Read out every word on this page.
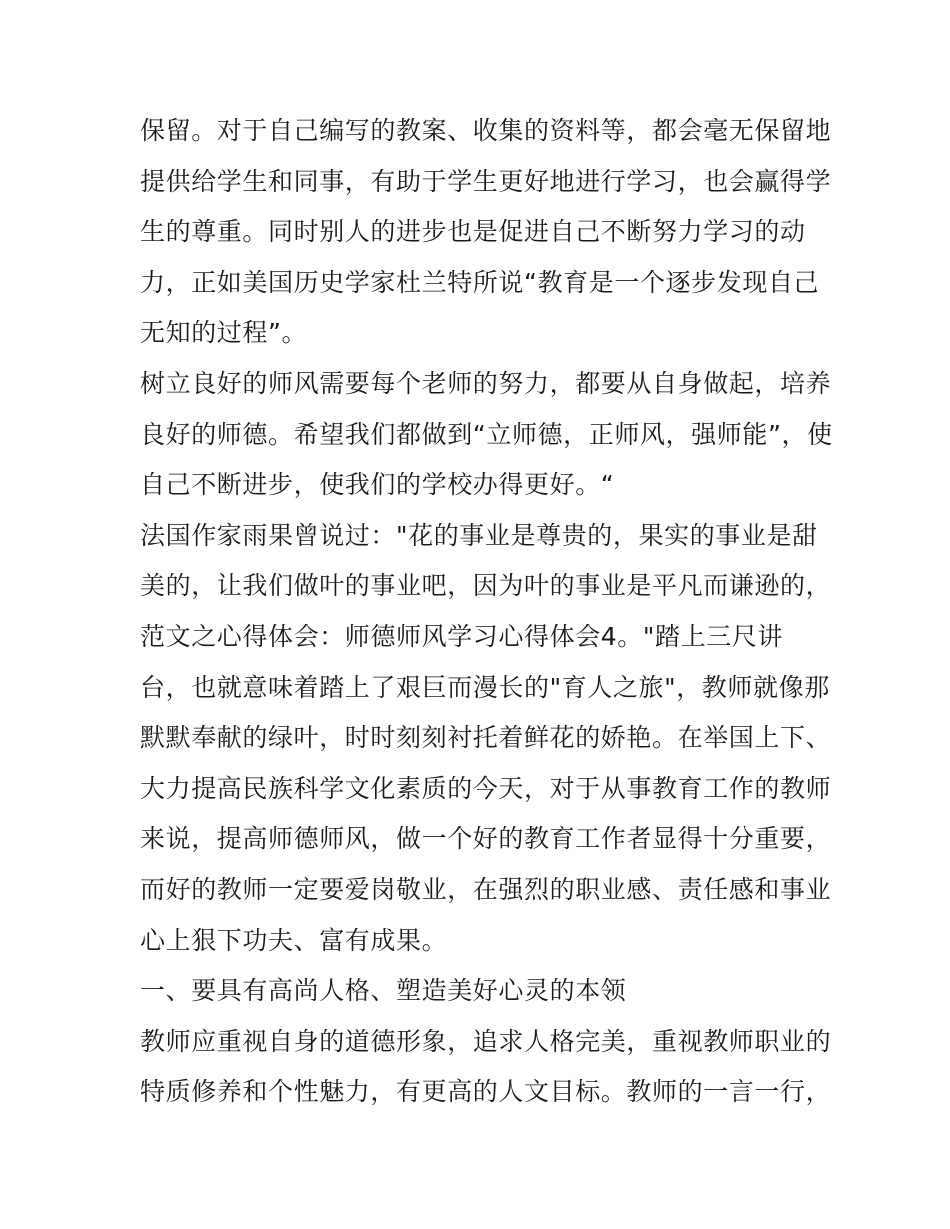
保留。对于自己编写的教案、收集的资料等，都会毫无保留地
提供给学生和同事，有助于学生更好地进行学习，也会赢得学
生的尊重。同时别人的进步也是促进自己不断努力学习的动
力，正如美国历史学家杜兰特所说“教育是一个逐步发现自己
无知的过程”。
树立良好的师风需要每个老师的努力，都要从自身做起，培养
良好的师德。希望我们都做到“立师德，正师风，强师能”，使
自己不断进步，使我们的学校办得更好。“
法国作家雨果曾说过："花的事业是尊贵的，果实的事业是甜
美的，让我们做叶的事业吧，因为叶的事业是平凡而谦逊的，
范文之心得体会：师德师风学习心得体会4。"踏上三尺讲
台，也就意味着踏上了艰巨而漫长的"育人之旅"，教师就像那
默默奉献的绿叶，时时刻刻衬托着鲜花的娇艳。在举国上下、
大力提高民族科学文化素质的今天，对于从事教育工作的教师
来说，提高师德师风，做一个好的教育工作者显得十分重要，
而好的教师一定要爱岗敬业，在强烈的职业感、责任感和事业
心上狠下功夫、富有成果。
一、要具有高尚人格、塑造美好心灵的本领
教师应重视自身的道德形象，追求人格完美，重视教师职业的
特质修养和个性魅力，有更高的人文目标。教师的一言一行，
